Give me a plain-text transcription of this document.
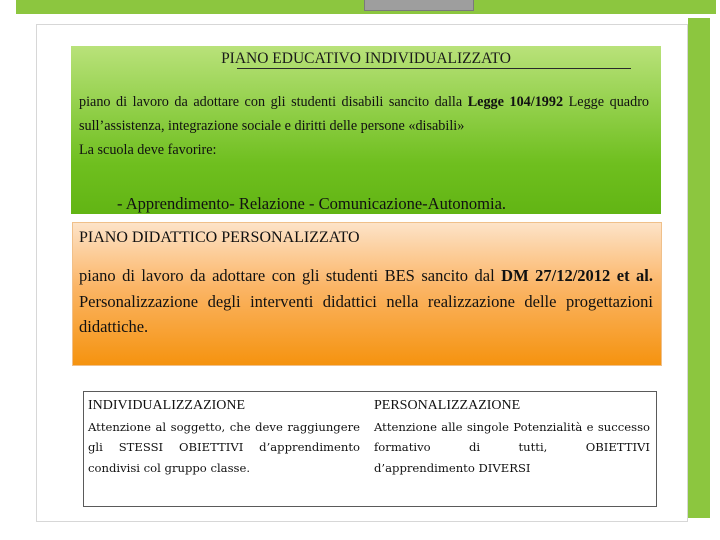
PIANO EDUCATIVO INDIVIDUALIZZATO
piano di lavoro da adottare con gli studenti disabili sancito dalla Legge 104/1992 Legge quadro sull’assistenza, integrazione sociale e diritti delle persone «disabili»
La scuola deve favorire:
- Apprendimento- Relazione - Comunicazione-Autonomia.
PIANO DIDATTICO PERSONALIZZATO
piano di lavoro da adottare con gli studenti BES sancito dal DM 27/12/2012 et al. Personalizzazione degli interventi didattici nella realizzazione delle progettazioni didattiche.
INDIVIDUALIZZAZIONE
Attenzione al soggetto, che deve raggiungere gli STESSI OBIETTIVI d’apprendimento condivisi col gruppo classe.
PERSONALIZZAZIONE
Attenzione alle singole Potenzialità e successo formativo di tutti, OBIETTIVI d’apprendimento DIVERSI
